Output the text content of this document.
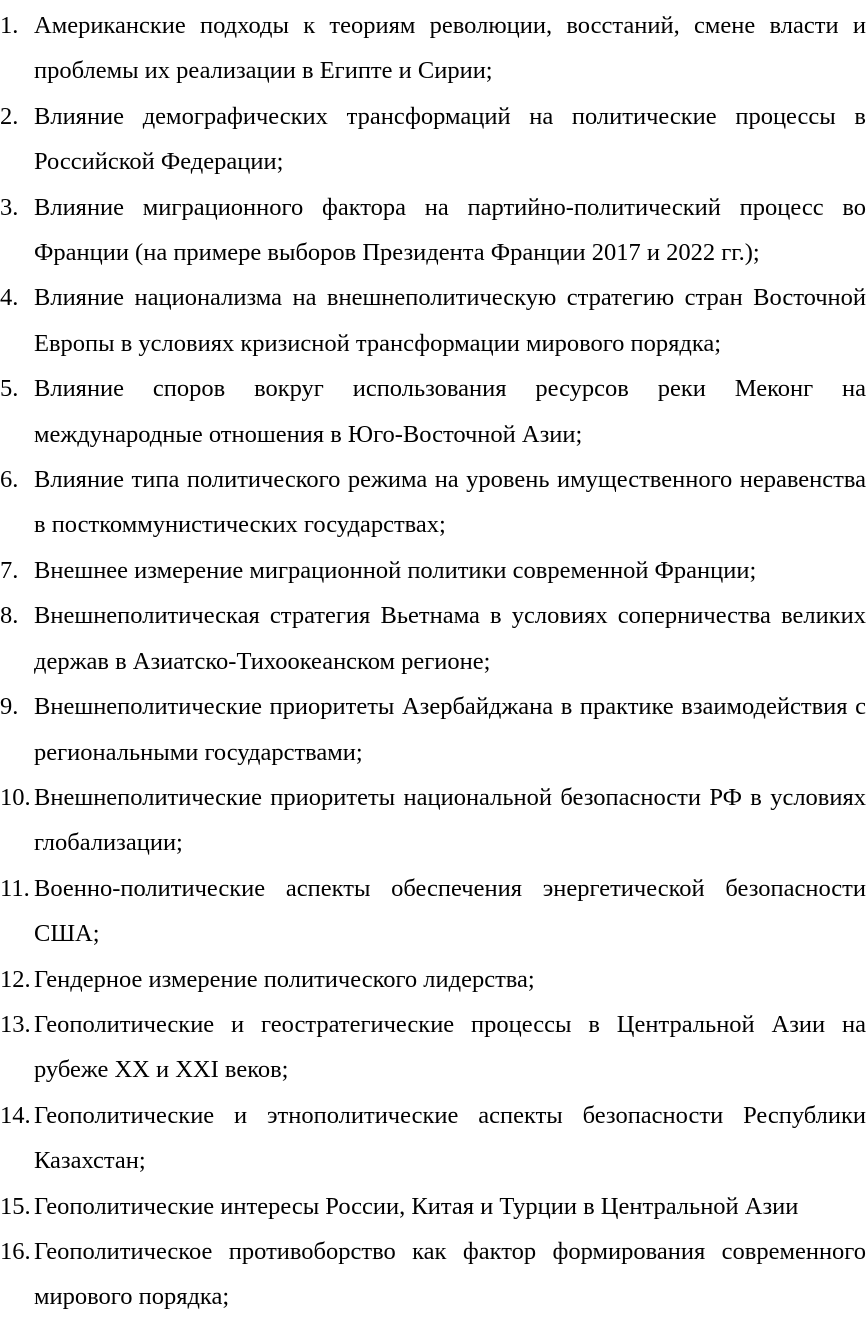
1. Американские подходы к теориям революции, восстаний, смене власти и проблемы их реализации в Египте и Сирии;
2. Влияние демографических трансформаций на политические процессы в Российской Федерации;
3. Влияние миграционного фактора на партийно-политический процесс во Франции (на примере выборов Президента Франции 2017 и 2022 гг.);
4. Влияние национализма на внешнеполитическую стратегию стран Восточной Европы в условиях кризисной трансформации мирового порядка;
5. Влияние споров вокруг использования ресурсов реки Меконг на международные отношения в Юго-Восточной Азии;
6. Влияние типа политического режима на уровень имущественного неравенства в посткоммунистических государствах;
7. Внешнее измерение миграционной политики современной Франции;
8. Внешнеполитическая стратегия Вьетнама в условиях соперничества великих держав в Азиатско-Тихоокеанском регионе;
9. Внешнеполитические приоритеты Азербайджана в практике взаимодействия с региональными государствами;
10. Внешнеполитические приоритеты национальной безопасности РФ в условиях глобализации;
11. Военно-политические аспекты обеспечения энергетической безопасности США;
12. Гендерное измерение политического лидерства;
13. Геополитические и геостратегические процессы в Центральной Азии на рубеже XX и XXI веков;
14. Геополитические и этнополитические аспекты безопасности Республики Казахстан;
15. Геополитические интересы России, Китая и Турции в Центральной Азии
16. Геополитическое противоборство как фактор формирования современного мирового порядка;
